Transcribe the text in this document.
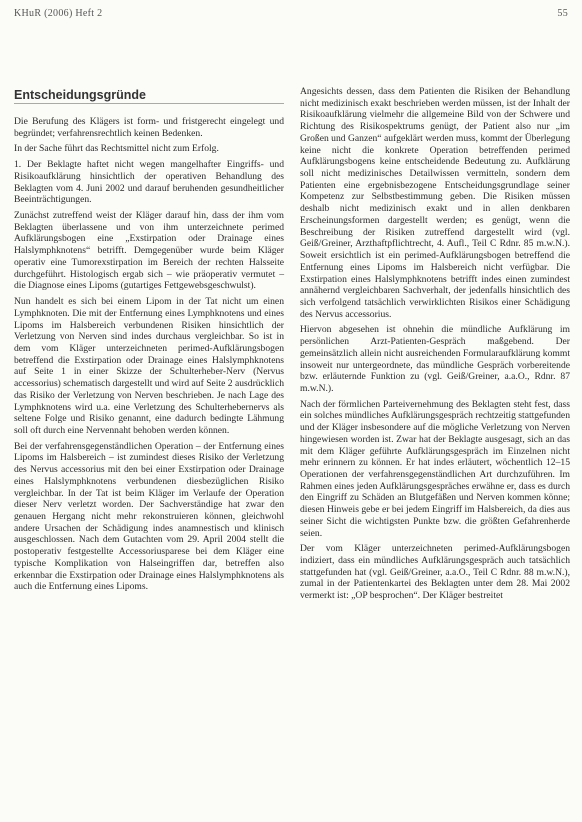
KHuR (2006) Heft 2	55
Entscheidungsgründe

Die Berufung des Klägers ist form- und fristgerecht eingelegt und begründet; verfahrensrechtlich keinen Bedenken.

In der Sache führt das Rechtsmittel nicht zum Erfolg.

1. Der Beklagte haftet nicht wegen mangelhafter Eingriffs- und Risikoaufklärung hinsichtlich der operativen Behandlung des Beklagten vom 4. Juni 2002 und darauf beruhenden gesundheitlicher Beeinträchtigungen.

Zunächst zutreffend weist der Kläger darauf hin, dass der ihm vom Beklagten überlassene und von ihm unterzeichnete perimed Aufklärungsbogen eine „Exstirpation oder Drainage eines Halslymphknotens“ betrifft. Demgegenüber wurde beim Kläger operativ eine Tumorexstirpation im Bereich der rechten Halsseite durchgeführt. Histologisch ergab sich – wie präoperativ vermutet – die Diagnose eines Lipoms (gutartiges Fettgewebsgeschwulst).

Nun handelt es sich bei einem Lipom in der Tat nicht um einen Lymphknoten. Die mit der Entfernung eines Lymphknotens und eines Lipoms im Halsbereich verbundenen Risiken hinsichtlich der Verletzung von Nerven sind indes durchaus vergleichbar. So ist in dem vom Kläger unterzeichneten perimed-Aufklärungsbogen betreffend die Exstirpation oder Drainage eines Halslymphknotens auf Seite 1 in einer Skizze der Schulterheber-Nerv (Nervus accessorius) schematisch dargestellt und wird auf Seite 2 ausdrücklich das Risiko der Verletzung von Nerven beschrieben. Je nach Lage des Lymphknotens wird u.a. eine Verletzung des Schulterhebernervs als seltene Folge und Risiko genannt, eine dadurch bedingte Lähmung soll oft durch eine Nervennaht behoben werden können.

Bei der verfahrensgegenständlichen Operation – der Entfernung eines Lipoms im Halsbereich – ist zumindest dieses Risiko der Verletzung des Nervus accessorius mit den bei einer Exstirpation oder Drainage eines Halslymphknotens verbundenen diesbezüglichen Risiko vergleichbar. In der Tat ist beim Kläger im Verlaufe der Operation dieser Nerv verletzt worden. Der Sachverständige hat zwar den genauen Hergang nicht mehr rekonstruieren können, gleichwohl andere Ursachen der Schädigung indes anamnestisch und klinisch ausgeschlossen. Nach dem Gutachten vom 29. April 2004 stellt die postoperativ festgestellte Accessoriusparese bei dem Kläger eine typische Komplikation von Halseingriffen dar, betreffen also erkennbar die Exstirpation oder Drainage eines Halslymphknotens als auch die Entfernung eines Lipoms.

Angesichts dessen, dass dem Patienten die Risiken der Behandlung nicht medizinisch exakt beschrieben werden müssen, ist der Inhalt der Risikoaufklärung vielmehr die allgemeine Bild von der Schwere und Richtung des Risikospektrums genügt, der Patient also nur „im Großen und Ganzen“ aufgeklärt werden muss, kommt der Überlegung keine nicht die konkrete Operation betreffenden perimed Aufklärungsbogens keine entscheidende Bedeutung zu. Aufklärung soll nicht medizinisches Detailwissen vermitteln, sondern dem Patienten eine ergebnisbezogene Entscheidungsgrundlage seiner Kompetenz zur Selbstbestimmung geben. Die Risiken müssen deshalb nicht medizinisch exakt und in allen denkbaren Erscheinungsformen dargestellt werden; es genügt, wenn die Beschreibung der Risiken zutreffend dargestellt wird (vgl. Geiß/Greiner, Arzthaftpflichtrecht, 4. Aufl., Teil C Rdnr. 85 m.w.N.). Soweit ersichtlich ist ein perimed-Aufklärungsbogen betreffend die Entfernung eines Lipoms im Halsbereich nicht verfügbar. Die Exstirpation eines Halslymphknotens betrifft indes einen zumindest annähernd vergleichbaren Sachverhalt, der jedenfalls hinsichtlich des sich verfolgend tatsächlich verwirklichten Risikos einer Schädigung des Nervus accessorius.

Hiervon abgesehen ist ohnehin die mündliche Aufklärung im persönlichen Arzt-Patienten-Gespräch maßgebend. Der gemeinsätzlich allein nicht ausreichenden Formularaufklärung kommt insoweit nur untergeordnete, das mündliche Gespräch vorbereitende bzw. erläuternde Funktion zu (vgl. Geiß/Greiner, a.a.O., Rdnr. 87 m.w.N.).

Nach der förmlichen Parteivernehmung des Beklagten steht fest, dass ein solches mündliches Aufklärungsgespräch rechtzeitig stattgefunden und der Kläger insbesondere auf die mögliche Verletzung von Nerven hingewiesen worden ist. Zwar hat der Beklagte ausgesagt, sich an das mit dem Kläger geführte Aufklärungsgespräch im Einzelnen nicht mehr erinnern zu können. Er hat indes erläutert, wöchentlich 12–15 Operationen der verfahrensgegenständlichen Art durchzuführen. Im Rahmen eines jeden Aufklärungsgespräches erwähne er, dass es durch den Eingriff zu Schäden an Blutgefäßen und Nerven kommen könne; diesen Hinweis gebe er bei jedem Eingriff im Halsbereich, da dies aus seiner Sicht die wichtigsten Punkte bzw. die größten Gefahrenherde seien.

Der vom Kläger unterzeichneten perimed-Aufklärungsbogen indiziert, dass ein mündliches Aufklärungsgespräch auch tatsächlich stattgefunden hat (vgl. Geiß/Greiner, a.a.O., Teil C Rdnr. 88 m.w.N.), zumal in der Patientenkartei des Beklagten unter dem 28. Mai 2002 vermerkt ist: „OP besprochen“. Der Kläger bestreitet
